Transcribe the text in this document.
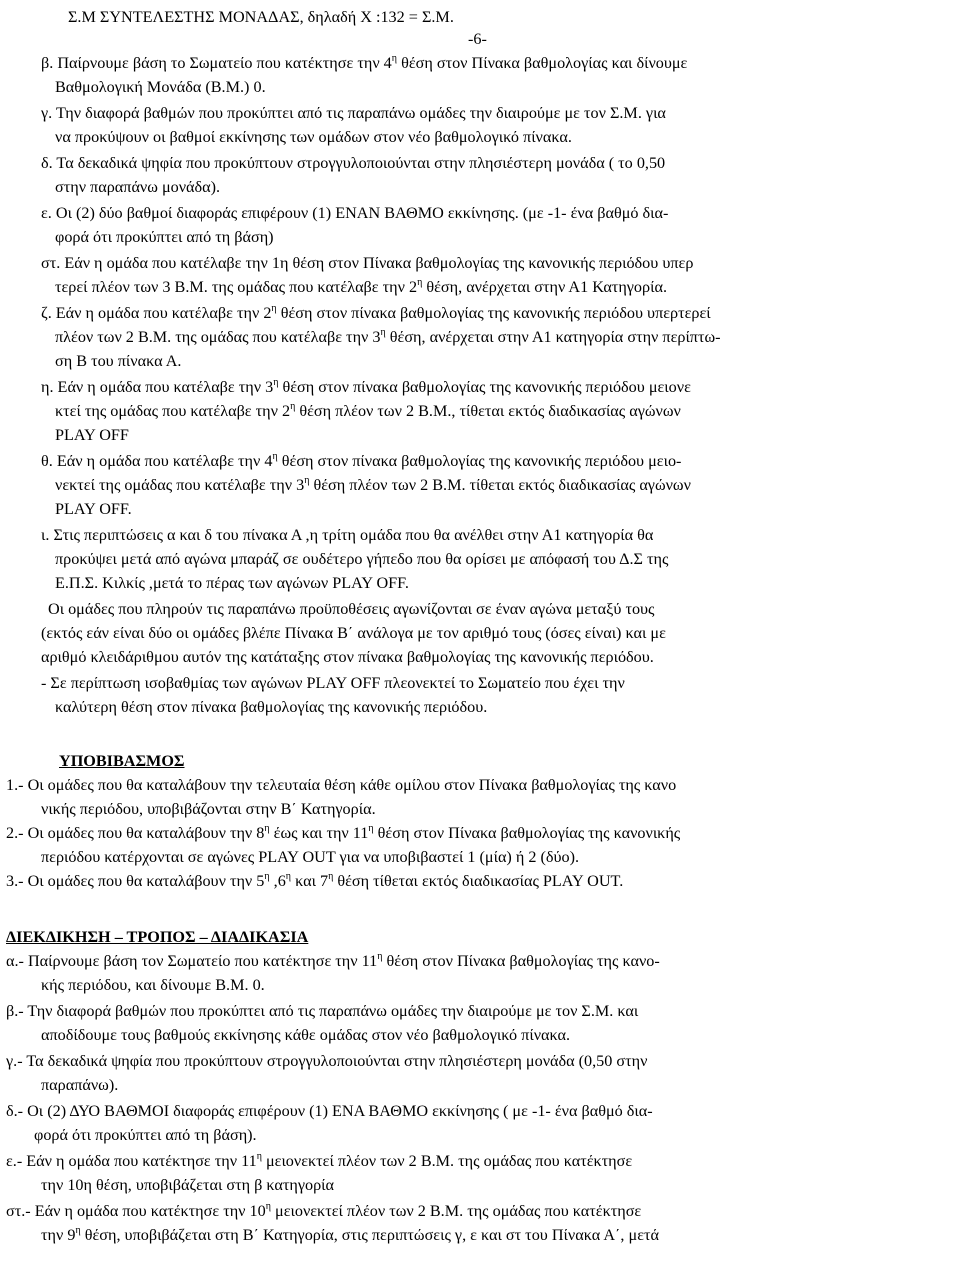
Σ.Μ ΣΥΝΤΕΛΕΣΤΗΣ ΜΟΝΑΔΑΣ, δηλαδή Χ :132 = Σ.Μ.

-6-

β. Παίρνουμε βάση το Σωματείο που κατέκτησε την $4^\eta$ θέση στον Πίνακα βαθμολογίας και δίνουμε

Βαθμολογική Μονάδα (Β.Μ.) 0.

γ. Την διαφορά βαθμών που προκύπτει από τις παραπάνω ομάδες την διαιρούμε με τον Σ.Μ. για

να προκύψουν οι βαθμοί εκκίνησης των ομάδων στον νέο βαθμολογικό πίνακα.

δ. Τα δεκαδικά ψηφία που προκύπτουν στρογγυλοποιούνται στην πλησιέστερη μονάδα ( το 0,50

στην παραπάνω μονάδα).

ε. Οι (2) δύο βαθμοί διαφοράς επιφέρουν (1) ΕΝΑΝ ΒΑΘΜΟ εκκίνησης. (με -1- ένα βαθμό δια-

φορά ότι προκύπτει από τη βάση)

στ. Εάν η ομάδα που κατέλαβε την 1η θέση στον Πίνακα βαθμολογίας της κανονικής περιόδου υπερ

τερεί πλέον των 3 Β.Μ. της ομάδας που κατέλαβε την $2^\eta$ θέση, ανέρχεται στην Α1 Κατηγορία.

ζ. Εάν η ομάδα που κατέλαβε την $2^\eta$ θέση στον πίνακα βαθμολογίας της κανονικής περιόδου υπερτερεί

πλέον των 2 Β.Μ. της ομάδας που κατέλαβε την $3^\eta$ θέση, ανέρχεται στην Α1 κατηγορία στην περίπτω-

ση Β του πίνακα Α.

η. Εάν η ομάδα που κατέλαβε την $3^\eta$ θέση στον πίνακα βαθμολογίας της κανονικής περιόδου μειονε

κτεί της ομάδας που κατέλαβε την $2^\eta$ θέση πλέον των 2 Β.Μ., τίθεται εκτός διαδικασίας αγώνων

PLAY OFF

θ. Εάν η ομάδα που κατέλαβε την $4^\eta$ θέση στον πίνακα βαθμολογίας της κανονικής περιόδου μειο-

νεκτεί της ομάδας που κατέλαβε την $3^\eta$ θέση πλέον των 2 Β.Μ. τίθεται εκτός διαδικασίας αγώνων

PLAY OFF.

ι. Στις περιπτώσεις α και δ του πίνακα Α ,η τρίτη ομάδα που θα ανέλθει στην Α1 κατηγορία θα

προκύψει μετά από αγώνα μπαράζ σε ουδέτερο γήπεδο που θα ορίσει με απόφασή του Δ.Σ της

Ε.Π.Σ. Κιλκίς ,μετά το πέρας των αγώνων PLAY OFF.

Οι ομάδες που πληρούν τις παραπάνω προϋποθέσεις αγωνίζονται σε έναν αγώνα μεταξύ τους

(εκτός εάν είναι δύο οι ομάδες βλέπε Πίνακα Β΄ ανάλογα με τον αριθμό τους (όσες είναι) και με

αριθμό κλειδάριθμου αυτόν της κατάταξης στον πίνακα βαθμολογίας της κανονικής περιόδου.

- Σε περίπτωση ισοβαθμίας των αγώνων PLAY OFF πλεονεκτεί το Σωματείο που έχει την

καλύτερη θέση στον πίνακα βαθμολογίας της κανονικής περιόδου.

ΥΠΟΒΙΒΑΣΜΟΣ

1.- Οι ομάδες που θα καταλάβουν την τελευταία θέση κάθε ομίλου στον Πίνακα βαθμολογίας της κανο

νικής περιόδου, υποβιβάζονται στην Β΄ Κατηγορία.

2.- Οι ομάδες που θα καταλάβουν την $8^\eta$ έως και την $11^\eta$ θέση στον Πίνακα βαθμολογίας της κανονικής

περιόδου κατέρχονται σε αγώνες PLAY OUT για να υποβιβαστεί 1 (μία) ή 2 (δύο).

3.- Οι ομάδες που θα καταλάβουν την $5^\eta$ $,6^\eta$ και $7^\eta$ θέση τίθεται εκτός διαδικασίας PLAY OUT.

ΔΙΕΚΔΙΚΗΣΗ – ΤΡΟΠΟΣ – ΔΙΑΔΙΚΑΣΙΑ

α.- Παίρνουμε βάση τον Σωματείο που κατέκτησε την $11^\eta$ θέση στον Πίνακα βαθμολογίας της κανο-

κής περιόδου, και δίνουμε Β.Μ. 0.

β.- Την διαφορά βαθμών που προκύπτει από τις παραπάνω ομάδες την διαιρούμε με τον Σ.Μ. και

αποδίδουμε τους βαθμούς εκκίνησης κάθε ομάδας στον νέο βαθμολογικό πίνακα.

γ.- Τα δεκαδικά ψηφία που προκύπτουν στρογγυλοποιούνται στην πλησιέστερη μονάδα (0,50 στην

παραπάνω).

δ.- Οι (2) ΔΥΟ ΒΑΘΜΟΙ διαφοράς επιφέρουν (1) ΕΝΑ ΒΑΘΜΟ εκκίνησης ( με -1- ένα βαθμό δια-

φορά ότι προκύπτει από τη βάση).

ε.- Εάν η ομάδα που κατέκτησε την $11^\eta$ μειονεκτεί πλέον των 2 Β.Μ. της ομάδας που κατέκτησε

την 10η θέση, υποβιβάζεται στη β κατηγορία

στ.- Εάν η ομάδα που κατέκτησε την $10^\eta$ μειονεκτεί πλέον των 2 Β.Μ. της ομάδας που κατέκτησε

την $9^\eta$ θέση, υποβιβάζεται στη Β΄ Κατηγορία, στις περιπτώσεις γ, ε και στ του Πίνακα Α΄, μετά
